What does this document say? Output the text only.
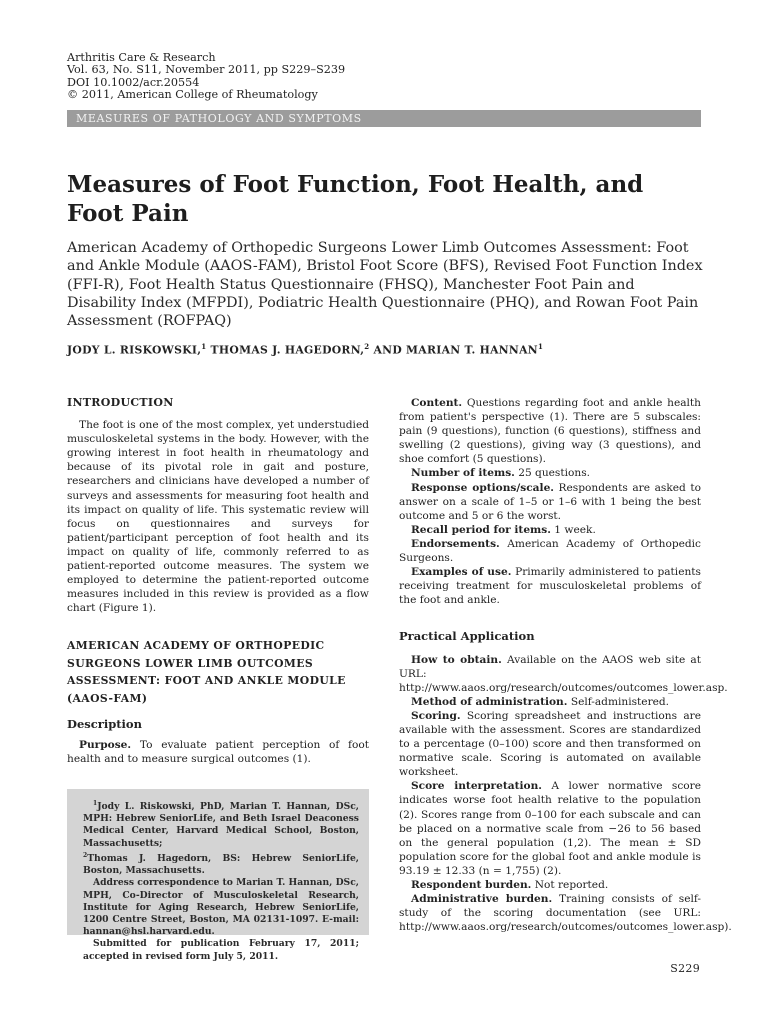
Arthritis Care & Research
Vol. 63, No. S11, November 2011, pp S229–S239
DOI 10.1002/acr.20554
© 2011, American College of Rheumatology
MEASURES OF PATHOLOGY AND SYMPTOMS
Measures of Foot Function, Foot Health, and Foot Pain
American Academy of Orthopedic Surgeons Lower Limb Outcomes Assessment: Foot and Ankle Module (AAOS-FAM), Bristol Foot Score (BFS), Revised Foot Function Index (FFI-R), Foot Health Status Questionnaire (FHSQ), Manchester Foot Pain and Disability Index (MFPDI), Podiatric Health Questionnaire (PHQ), and Rowan Foot Pain Assessment (ROFPAQ)
JODY L. RISKOWSKI,$^1$ THOMAS J. HAGEDORN,$^2$ AND MARIAN T. HANNAN$^1$
INTRODUCTION

The foot is one of the most complex, yet understudied musculoskeletal systems in the body. However, with the growing interest in foot health in rheumatology and because of its pivotal role in gait and posture, researchers and clinicians have developed a number of surveys and assessments for measuring foot health and its impact on quality of life. This systematic review will focus on questionnaires and surveys for patient/participant perception of foot health and its impact on quality of life, commonly referred to as patient-reported outcome measures. The system we employed to determine the patient-reported outcome measures included in this review is provided as a flow chart (Figure 1).

AMERICAN ACADEMY OF ORTHOPEDIC SURGEONS LOWER LIMB OUTCOMES ASSESSMENT: FOOT AND ANKLE MODULE (AAOS-FAM)
Description

Purpose. To evaluate patient perception of foot health and to measure surgical outcomes (1).

$^1$Jody L. Riskowski, PhD, Marian T. Hannan, DSc, MPH: Hebrew SeniorLife, and Beth Israel Deaconess Medical Center, Harvard Medical School, Boston, Massachusetts;

$^2$Thomas J. Hagedorn, BS: Hebrew SeniorLife, Boston, Massachusetts.

Address correspondence to Marian T. Hannan, DSc, MPH, Co-Director of Musculoskeletal Research, Institute for Aging Research, Hebrew SeniorLife, 1200 Centre Street, Boston, MA 02131-1097. E-mail: hannan@hsl.harvard.edu.

Submitted for publication February 17, 2011; accepted in revised form July 5, 2011.

Content. Questions regarding foot and ankle health from patient's perspective (1). There are 5 subscales: pain (9 questions), function (6 questions), stiffness and swelling (2 questions), giving way (3 questions), and shoe comfort (5 questions).

Number of items. 25 questions.

Response options/scale. Respondents are asked to answer on a scale of 1–5 or 1–6 with 1 being the best outcome and 5 or 6 the worst.

Recall period for items. 1 week.

Endorsements. American Academy of Orthopedic Surgeons.

Examples of use. Primarily administered to patients receiving treatment for musculoskeletal problems of the foot and ankle.

Practical Application

How to obtain. Available on the AAOS web site at URL: http://www.aaos.org/research/outcomes/outcomes_lower.asp.

Method of administration. Self-administered.

Scoring. Scoring spreadsheet and instructions are available with the assessment. Scores are standardized to a percentage (0–100) score and then transformed on normative scale. Scoring is automated on available worksheet.

Score interpretation. A lower normative score indicates worse foot health relative to the population (2). Scores range from 0–100 for each subscale and can be placed on a normative scale from −26 to 56 based on the general population (1,2). The mean ± SD population score for the global foot and ankle module is 93.19 ± 12.33 (n = 1,755) (2).

Respondent burden. Not reported.

Administrative burden. Training consists of self-study of the scoring documentation (see URL: http://www.aaos.org/research/outcomes/outcomes_lower.asp).

S229
